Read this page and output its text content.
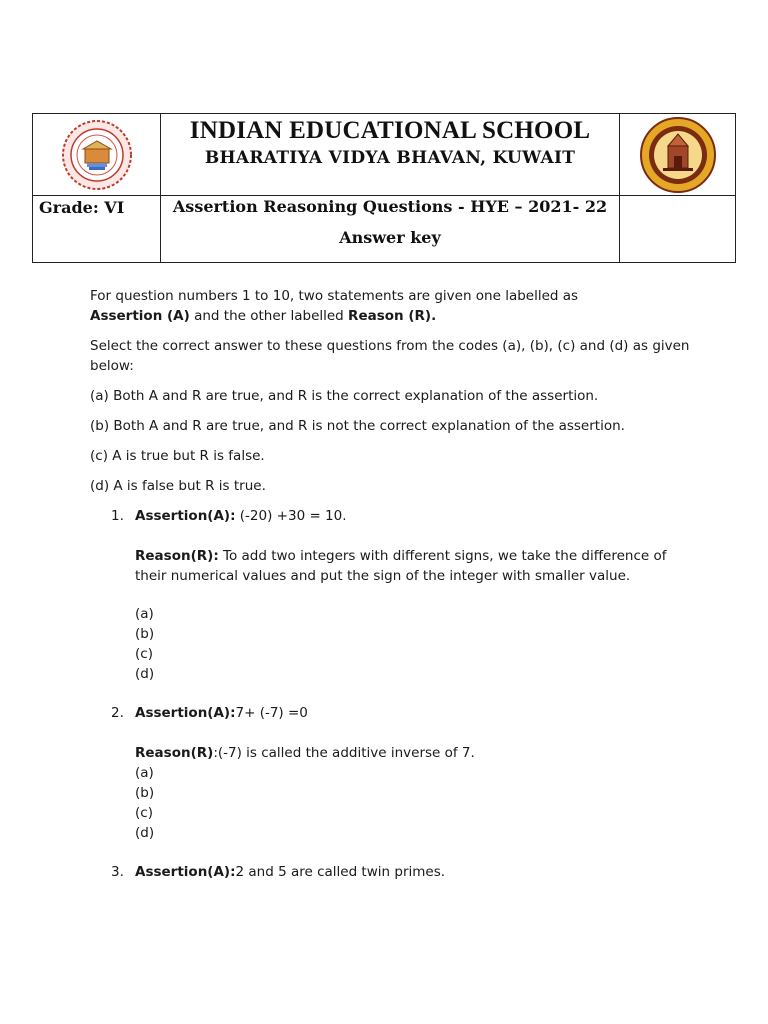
INDIAN EDUCATIONAL SCHOOL
BHARATIYA VIDYA BHAVAN, KUWAIT

Grade: VI	Assertion Reasoning Questions - HYE – 2021- 22
Answer key	

For question numbers 1 to 10, two statements are given one labelled as
Assertion (A) and the other labelled Reason (R).

Select the correct answer to these questions from the codes (a), (b), (c) and (d) as given below:

(a) Both A and R are true, and R is the correct explanation of the assertion.

(b) Both A and R are true, and R is not the correct explanation of the assertion.

(c) A is true but R is false.

(d) A is false but R is true.

1. Assertion(A): (-20) +30 = 10.

Reason(R): To add two integers with different signs, we take the difference of their numerical values and put the sign of the integer with smaller value.

(a)
(b)
(c)
(d)
2. Assertion(A):7+ (-7) =0

Reason(R):(-7) is called the additive inverse of 7.

(a)
(b)
(c)
(d)
3. Assertion(A):2 and 5 are called twin primes.
